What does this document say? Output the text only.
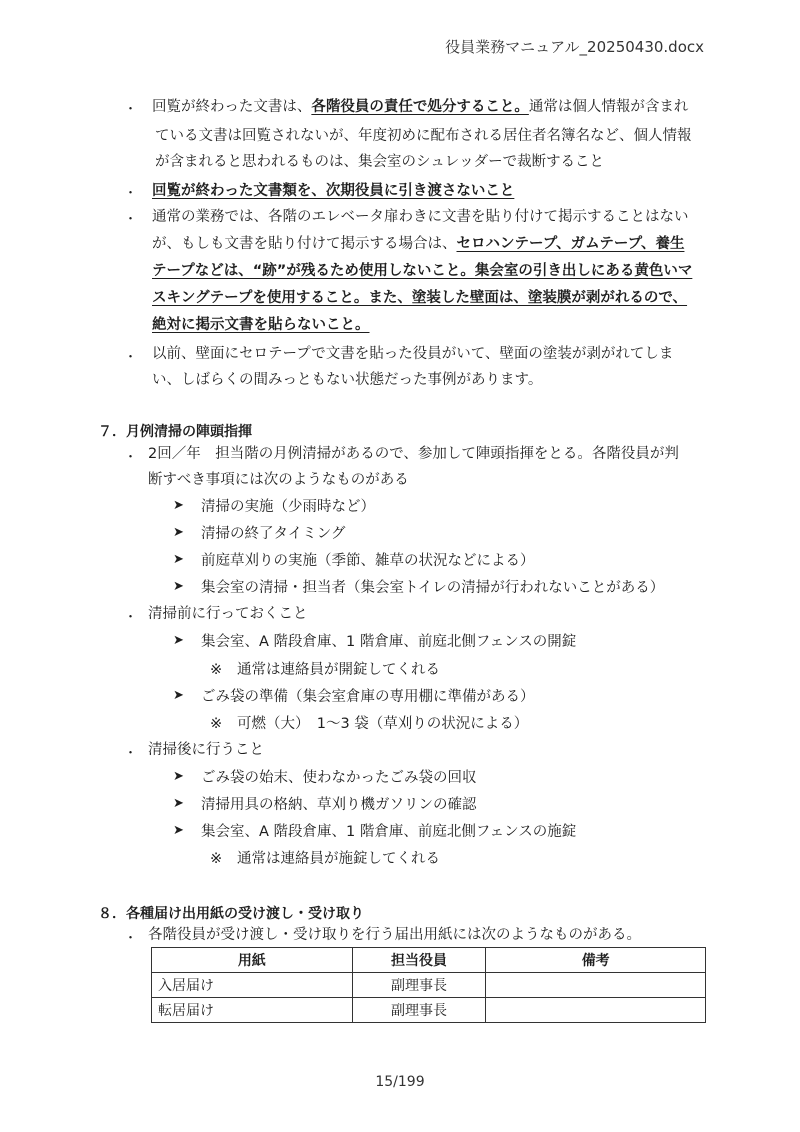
役員業務マニュアル_20250430.docx
・ 回覧が終わった文書は、各階役員の責任で処分すること。通常は個人情報が含まれ
ている文書は回覧されないが、年度初めに配布される居住者名簿名など、個人情報
が含まれると思われるものは、集会室のシュレッダーで裁断すること
・ 回覧が終わった文書類を、次期役員に引き渡さないこと
・ 通常の業務では、各階のエレベータ扉わきに文書を貼り付けて掲示することはない
が、もしも文書を貼り付けて掲示する場合は、セロハンテープ、ガムテープ、養生
テープなどは、“跡”が残るため使用しないこと。集会室の引き出しにある黄色いマ
スキングテープを使用すること。また、塗装した壁面は、塗装膜が剥がれるので、
絶対に掲示文書を貼らないこと。
・ 以前、壁面にセロテープで文書を貼った役員がいて、壁面の塗装が剥がれてしま
い、しばらくの間みっともない状態だった事例があります。
７．月例清掃の陣頭指揮
・ 2回／年　担当階の月例清掃があるので、参加して陣頭指揮をとる。各階役員が判
断すべき事項には次のようなものがある
➤ 清掃の実施（少雨時など）
➤ 清掃の終了タイミング
➤ 前庭草刈りの実施（季節、雑草の状況などによる）
➤ 集会室の清掃・担当者（集会室トイレの清掃が行われないことがある）
・ 清掃前に行っておくこと
➤ 集会室、A 階段倉庫、1 階倉庫、前庭北側フェンスの開錠
※ 通常は連絡員が開錠してくれる
➤ ごみ袋の準備（集会室倉庫の専用棚に準備がある）
※ 可燃（大）　1〜3 袋（草刈りの状況による）
・ 清掃後に行うこと
➤ ごみ袋の始末、使わなかったごみ袋の回収
➤ 清掃用具の格納、草刈り機ガソリンの確認
➤ 集会室、A 階段倉庫、1 階倉庫、前庭北側フェンスの施錠
※ 通常は連絡員が施錠してくれる
８．各種届け出用紙の受け渡し・受け取り
・ 各階役員が受け渡し・受け取りを行う届出用紙には次のようなものがある。
用紙	担当役員	備考
入居届け	副理事長	
転居届け	副理事長	
15/199
